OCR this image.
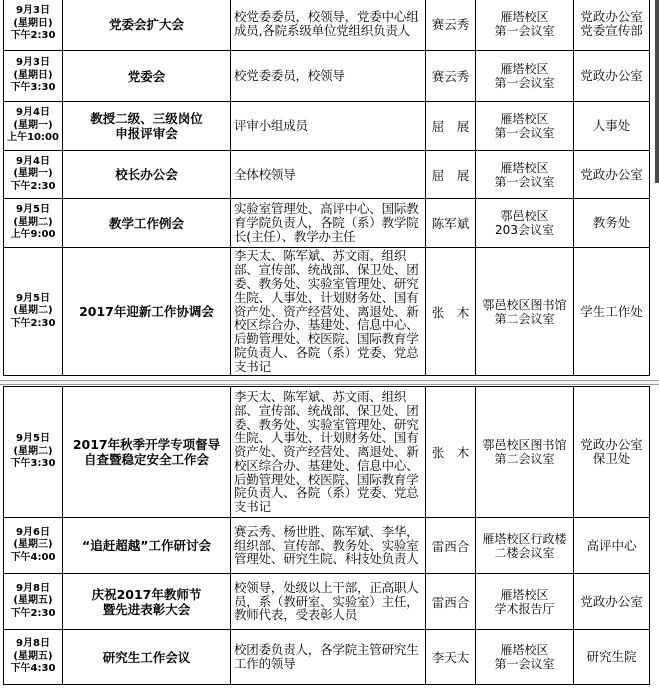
9月3日
(星期日)
下午2:30	党委会扩大会	校党委委员，校领导，党委中心组成员,各院系级单位党组织负责人	赛云秀	雁塔校区
第一会议室	党政办公室
党委宣传部

9月3日
(星期日)
下午3:30	党委会	校党委委员，校领导	赛云秀	雁塔校区
第一会议室	党政办公室

9月4日
(星期一)
上午10:00	教授二级、三级岗位
申报评审会	评审小组成员	屈　展	雁塔校区
第一会议室	人事处

9月4日
(星期一)
下午2:30	校长办公会	全体校领导	屈　展	雁塔校区
第一会议室	党政办公室

9月5日
(星期二)
上午9:00	教学工作例会	实验室管理处、高评中心、国际教育学院负责人，各院（系）教学院长(主任）、教学办主任	陈军斌	鄠邑校区
203会议室	教务处

9月5日
(星期二)
下午2:30	2017年迎新工作协调会	李天太、陈军斌、苏文雨、组织部、宣传部、统战部、保卫处、团委、教务处、实验室管理处、研究生院、人事处、计划财务处、国有资产处、资产经营处、离退处、新校区综合办、基建处、信息中心、后勤管理处、校医院、国际教育学院负责人、各院（系）党委、党总支书记	张　木	鄠邑校区图书馆
第二会议室	学生工作处
9月5日
(星期二)
下午3:30	2017年秋季开学专项督导
自查暨稳定安全工作会	李天太、陈军斌、苏文雨、组织部、宣传部、统战部、保卫处、团委、教务处、实验室管理处、研究生院、人事处、计划财务处、国有资产处、资产经营处、离退处、新校区综合办、基建处、信息中心、后勤管理处、校医院、国际教育学院负责人、各院（系）党委、党总支书记	张　木	鄠邑校区图书馆
第二会议室	党政办公室
保卫处

9月6日
(星期三)
下午4:00	“追赶超越”工作研讨会	赛云秀、杨世胜、陈军斌、李华，组织部、宣传部、教务处、实验室管理处、研究生院、科技处负责人	雷西合	雁塔校区行政楼
二楼会议室	高评中心

9月8日
(星期五)
下午2:30	庆祝2017年教师节
暨先进表彰大会	校领导，处级以上干部，正高职人员，系（教研室、实验室）主任，教师代表，受表彰人员	雷西合	雁塔校区
学术报告厅	党政办公室

9月8日
(星期五)
下午4:30	研究生工作会议	校团委负责人，各学院主管研究生工作的领导	李天太	雁塔校区
第一会议室	研究生院
